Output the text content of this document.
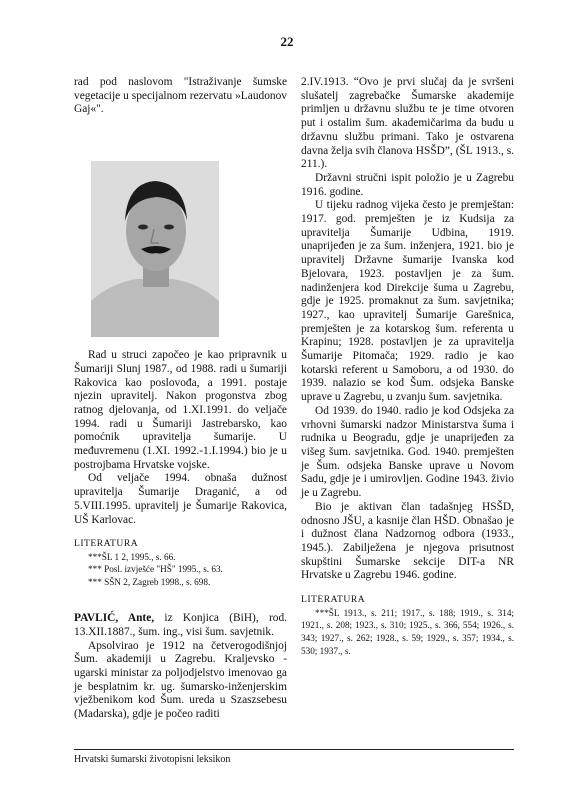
22

rad pod naslovom "Istraživanje šumske vegetacije u specijalnom rezervatu »Laudonov Gaj«".

Rad u struci započeo je kao pripravnik u Šumariji Slunj 1987., od 1988. radi u šumariji Rakovica kao poslovođa, a 1991. postaje njezin upravitelj. Nakon progonstva zbog ratnog djelovanja, od 1.XI.1991. do veljače 1994. radi u Šumariji Jastrebarsko, kao pomoćnik upravitelja šumarije. U međuvremenu (1.XI. 1992.-1.I.1994.) bio je u postrojbama Hrvatske vojske.

Od veljače 1994. obnaša dužnost upravitelja Šumarije Draganić, a od 5.VIII.1995. upravitelj je Šumarije Rakovica, UŠ Karlovac.

LITERATURA
***ŠL 1 2, 1995., s. 66.
*** Posl. izvješće "HŠ" 1995., s. 63.
*** SŠN 2, Zagreb 1998., s. 698.

PAVLIĆ, Ante, iz Konjica (BiH), rod. 13.XII.1887., šum. ing., visi šum. savjetnik.

Apsolvirao je 1912 na četverogodišnjoj Šum. akademiji u Zagrebu. Kraljevsko - ugarski ministar za poljodjelstvo imenovao ga je besplatnim kr. ug. šumarsko-inženjerskim vježbenikom kod Šum. ureda u Szaszsebesu (Madarska), gdje je počeo raditi

2.IV.1913. “Ovo je prvi slučaj da je svršeni slušatelj zagrebačke Šumarske akademije primljen u državnu službu te je time otvoren put i ostalim šum. akademičarima da budu u državnu službu primani. Tako je ostvarena davna želja svih članova HSŠD”, (ŠL 1913., s. 211.).

Državni stručni ispit položio je u Zagrebu 1916. godine.

U tijeku radnog vijeka često je premještan: 1917. god. premješten je iz Kudsija za upravitelja Šumarije Udbina, 1919. unaprijeđen je za šum. inženjera, 1921. bio je upravitelj Državne šumarije Ivanska kod Bjelovara, 1923. postavljen je za šum. nadinženjera kod Direkcije šuma u Zagrebu, gdje je 1925. promaknut za šum. savjetnika; 1927., kao upravitelj Šumarije Garešnica, premješten je za kotarskog šum. referenta u Krapinu; 1928. postavljen je za upravitelja Šumarije Pitomača; 1929. radio je kao kotarski referent u Samoboru, a od 1930. do 1939. nalazio se kod Šum. odsjeka Banske uprave u Zagrebu, u zvanju šum. savjetnika.

Od 1939. do 1940. radio je kod Odsjeka za vrhovni šumarski nadzor Ministarstva šuma i rudnika u Beogradu, gdje je unaprijeđen za višeg šum. savjetnika. God. 1940. premješten je Šum. odsjeka Banske uprave u Novom Sadu, gdje je i umirovljen. Godine 1943. živio je u Zagrebu.

Bio je aktivan član tadašnjeg HSŠD, odnosno JŠU, a kasnije član HŠD. Obnašao je i dužnost člana Nadzornog odbora (1933., 1945.). Zabilježena je njegova prisutnost skupštini Šumarske sekcije DIT-a NR Hrvatske u Zagrebu 1946. godine.

LITERATURA

***ŠL 1913., s. 211; 1917., s. 188; 1919., s. 314; 1921., s. 208; 1923., s. 310; 1925., s. 366, 554; 1926., s. 343; 1927., s. 262; 1928., s. 59; 1929., s. 357; 1934., s. 530; 1937., s.

Hrvatski šumarski životopisni leksikon
